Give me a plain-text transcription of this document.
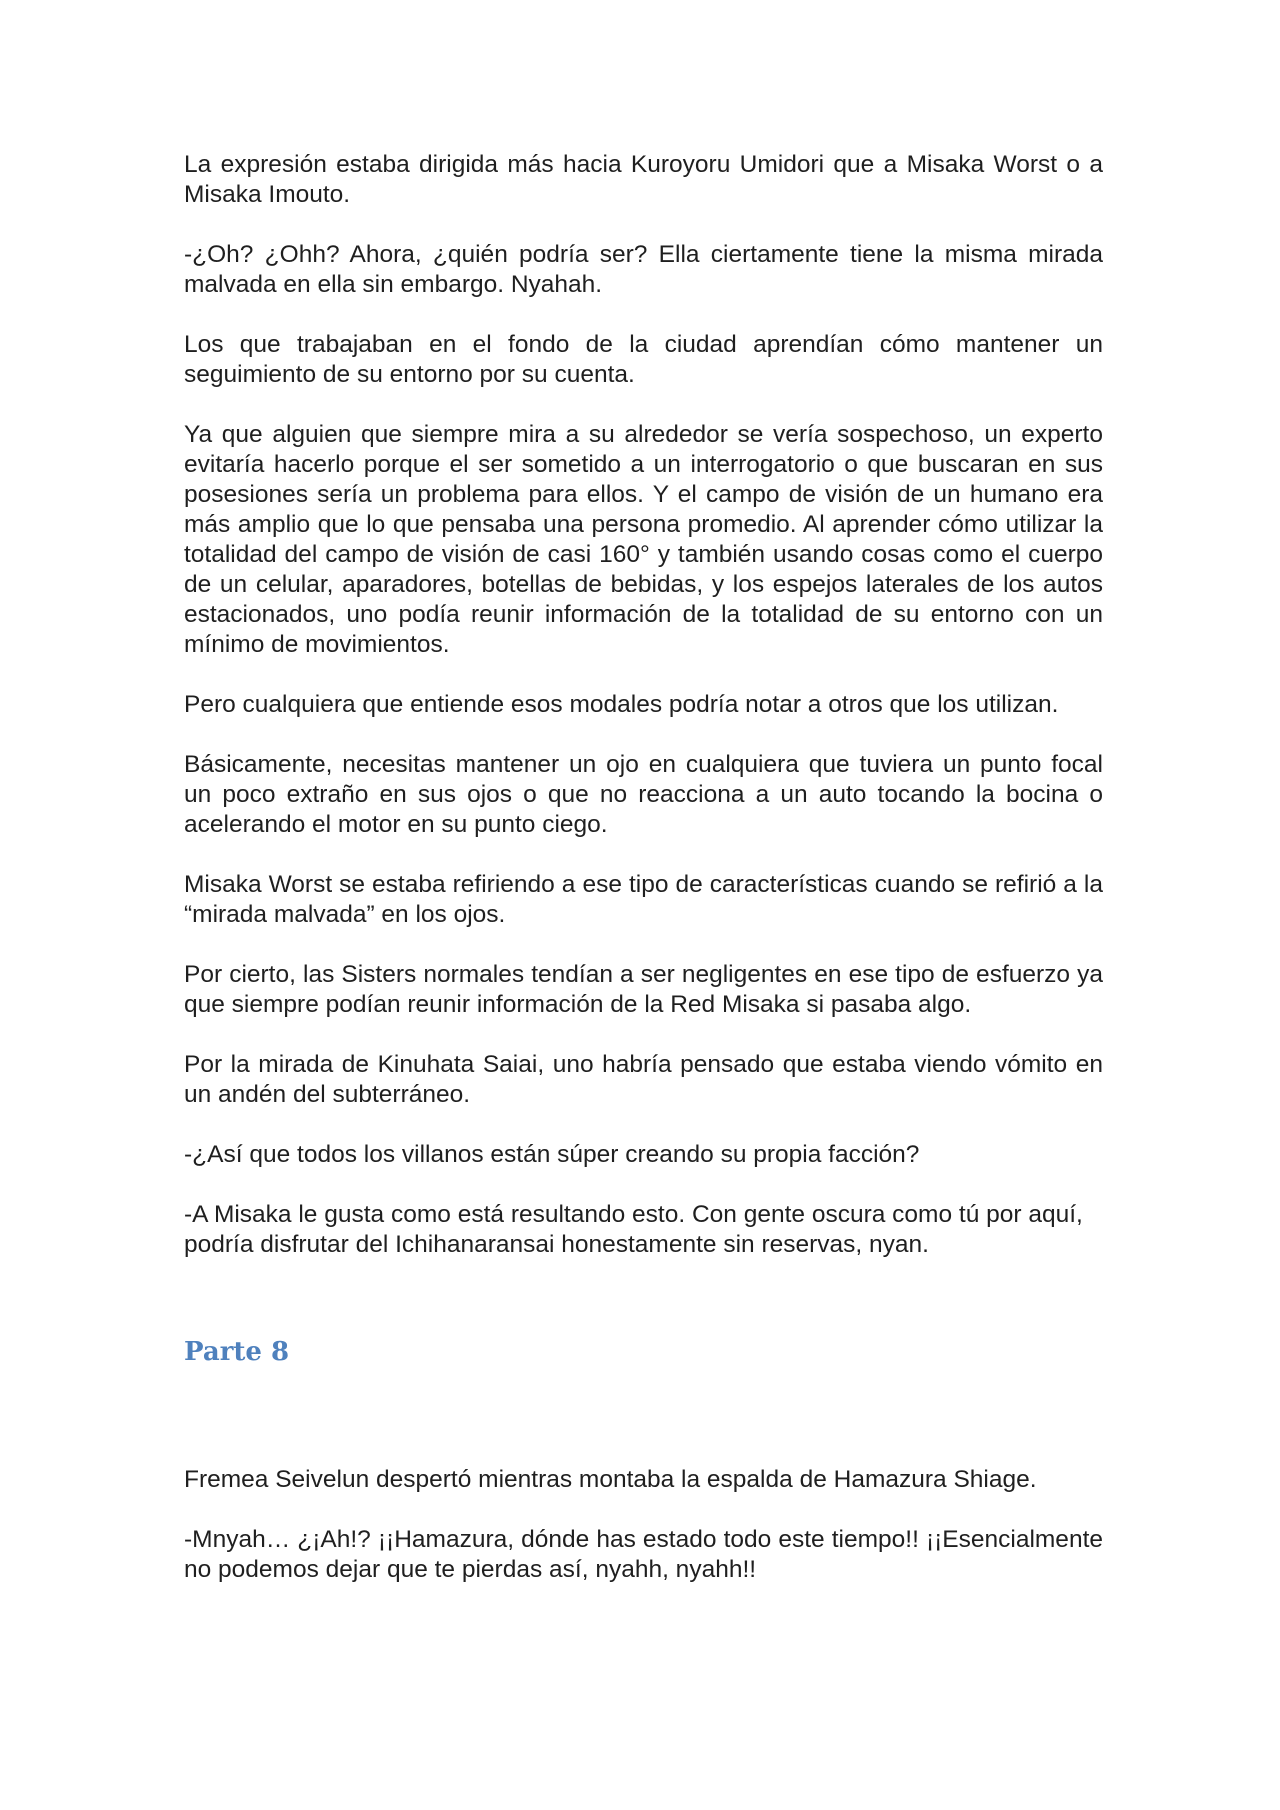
La expresión estaba dirigida más hacia Kuroyoru Umidori que a Misaka Worst o a Misaka Imouto.

-¿Oh? ¿Ohh? Ahora, ¿quién podría ser? Ella ciertamente tiene la misma mirada malvada en ella sin embargo. Nyahah.

Los que trabajaban en el fondo de la ciudad aprendían cómo mantener un seguimiento de su entorno por su cuenta.

Ya que alguien que siempre mira a su alrededor se vería sospechoso, un experto evitaría hacerlo porque el ser sometido a un interrogatorio o que buscaran en sus posesiones sería un problema para ellos. Y el campo de visión de un humano era más amplio que lo que pensaba una persona promedio. Al aprender cómo utilizar la totalidad del campo de visión de casi 160° y también usando cosas como el cuerpo de un celular, aparadores, botellas de bebidas, y los espejos laterales de los autos estacionados, uno podía reunir información de la totalidad de su entorno con un mínimo de movimientos.

Pero cualquiera que entiende esos modales podría notar a otros que los utilizan.

Básicamente, necesitas mantener un ojo en cualquiera que tuviera un punto focal un poco extraño en sus ojos o que no reacciona a un auto tocando la bocina o acelerando el motor en su punto ciego.

Misaka Worst se estaba refiriendo a ese tipo de características cuando se refirió a la “mirada malvada” en los ojos.

Por cierto, las Sisters normales tendían a ser negligentes en ese tipo de esfuerzo ya que siempre podían reunir información de la Red Misaka si pasaba algo.

Por la mirada de Kinuhata Saiai, uno habría pensado que estaba viendo vómito en un andén del subterráneo.

-¿Así que todos los villanos están súper creando su propia facción?

-A Misaka le gusta como está resultando esto. Con gente oscura como tú por aquí, podría disfrutar del Ichihanaransai honestamente sin reservas, nyan.

Parte 8

Fremea Seivelun despertó mientras montaba la espalda de Hamazura Shiage.

-Mnyah… ¿¡Ah!? ¡¡Hamazura, dónde has estado todo este tiempo!! ¡¡Esencialmente no podemos dejar que te pierdas así, nyahh, nyahh!!
